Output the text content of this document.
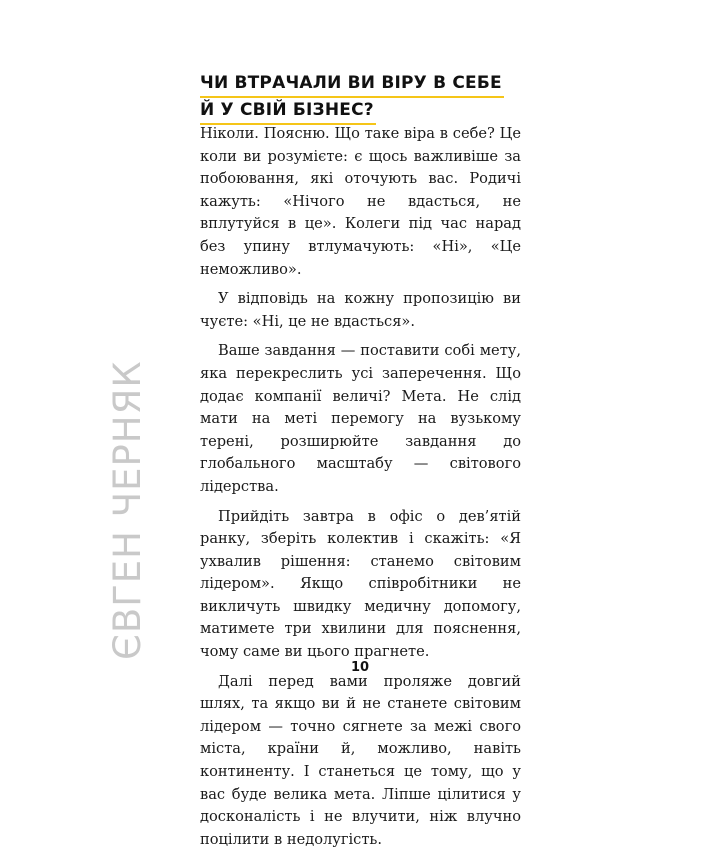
ЧИ ВТРАЧАЛИ ВИ ВІРУ В СЕБЕ
Й У СВІЙ БІЗНЕС?

Ніколи. Поясню. Що таке віра в себе? Це коли ви розумієте: є щось важливіше за побоювання, які оточують вас. Родичі кажуть: «Нічого не вдасться, не вплутуйся в це». Колеги під час нарад без упину втлумачують: «Ні», «Це неможливо».

У відповідь на кожну пропозицію ви чуєте: «Ні, це не вдасться».

Ваше завдання — поставити собі мету, яка перекреслить усі заперечення. Що додає компанії величі? Мета. Не слід мати на меті перемогу на вузькому терені, розширюйте завдання до глобального масштабу — світового лідерства.

Прийдіть завтра в офіс о дев’ятій ранку, зберіть колектив і скажіть: «Я ухвалив рішення: станемо світовим лідером». Якщо співробітники не викличуть швидку медичну допомогу, матимете три хвилини для пояснення, чому саме ви цього прагнете.

Далі перед вами проляже довгий шлях, та якщо ви й не станете світовим лідером — точно сягнете за межі свого міста, країни й, можливо, навіть континенту. І станеться це тому, що у вас буде велика мета. Ліпше цілитися у досконаліcть і не влучити, ніж влучно поцілити в недолугість.

ЄВГЕН ЧЕРНЯК
10
